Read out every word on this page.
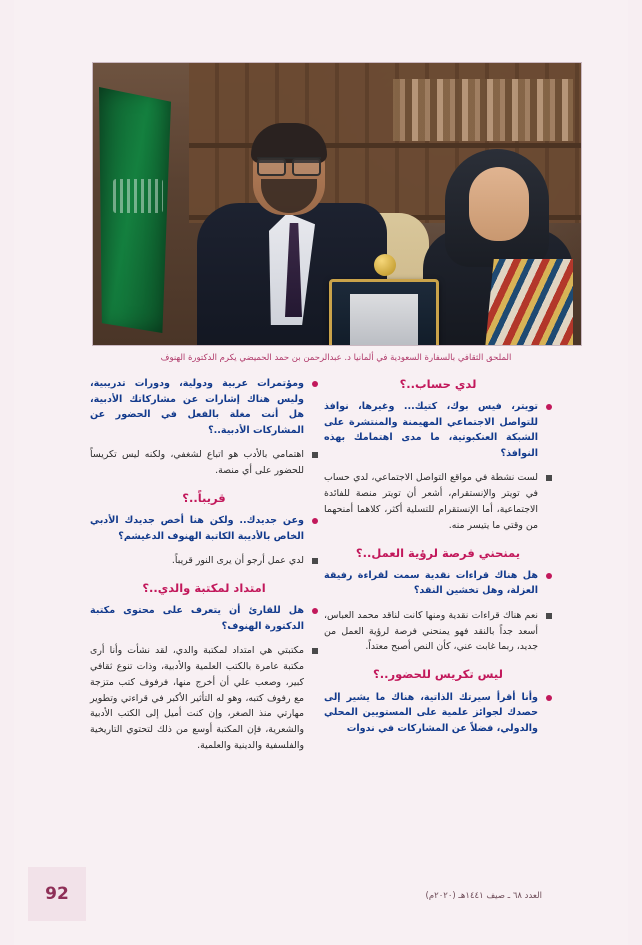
الملحق الثقافي بالسفارة السعودية في ألمانيا د. عبدالرحمن بن حمد الحميضي يكرم الدكتورة الهنوف
لدي حساب..؟

تويتر، فيس بوك، كتيك... وغيرها، نوافذ للتواصل الاجتماعي المهيمنة والمنتشرة على الشبكة العنكبوتية، ما مدى اهتمامك بهذه النوافذ؟

لست نشطة في مواقع التواصل الاجتماعي، لدي حساب في تويتر والإنستقرام، أشعر أن تويتر منصة للفائدة الاجتماعية، أما الإنستقرام للتسلية أكثر، كلاهما أمنحهما من وقتي ما يتيسر منه.

يمنحني فرصة لرؤية العمل..؟

هل هناك قراءات نقدية سمت لقراءة رفيقة العزلة، وهل تخشين النقد؟

نعم هناك قراءات نقدية ومنها كانت لناقد محمد العباس، أسعد جداً بالنقد فهو يمنحني فرصة لرؤية العمل من جديد، ربما غابت عني، كأن النص أصبح معتداً.

ليس تكريس للحضور..؟

وأنا أقرأ سيرتك الذاتية، هناك ما يشير إلى حصدك لجوائز علمية على المستويين المحلي والدولي، فضلاً عن المشاركات في ندوات

ومؤتمرات عربية ودولية، ودورات تدريبية، وليس هناك إشارات عن مشاركاتك الأدبية، هل أنت مغلة بالفعل في الحضور عن المشاركات الأدبية..؟

اهتمامي بالأدب هو اتباع لشغفي، ولكنه ليس تكريساً للحضور على أي منصة.

قريباً..؟

وعن جديدك.. ولكن هنا أخص جديدك الأدبي الخاص بالأديبة الكاتبة الهنوف الدغيشم؟

لدي عمل أرجو أن يرى النور قريباً.

امتداد لمكتبة والدي..؟

هل للقارئ أن يتعرف على محتوى مكتبة الدكتورة الهنوف؟

مكتبتي هي امتداد لمكتبة والدي، لقد نشأت وأنا أرى مكتبة عامرة بالكتب العلمية والأدبية، وذات تنوع ثقافي كبير، وصعب علي أن أخرج منها، فرفوف كتب متزجة مع رفوف كتبه، وهو له التأثير الأكبر في قراءتي وتطوير مهارتي منذ الصغر، وإن كنت أميل إلى الكتب الأدبية والشعرية، فإن المكتبة أوسع من ذلك لتحتوي التاريخية والفلسفية والدينية والعلمية.

العدد ٦٨ ـ صيف ١٤٤١هـ (٢٠٢٠م)
92
